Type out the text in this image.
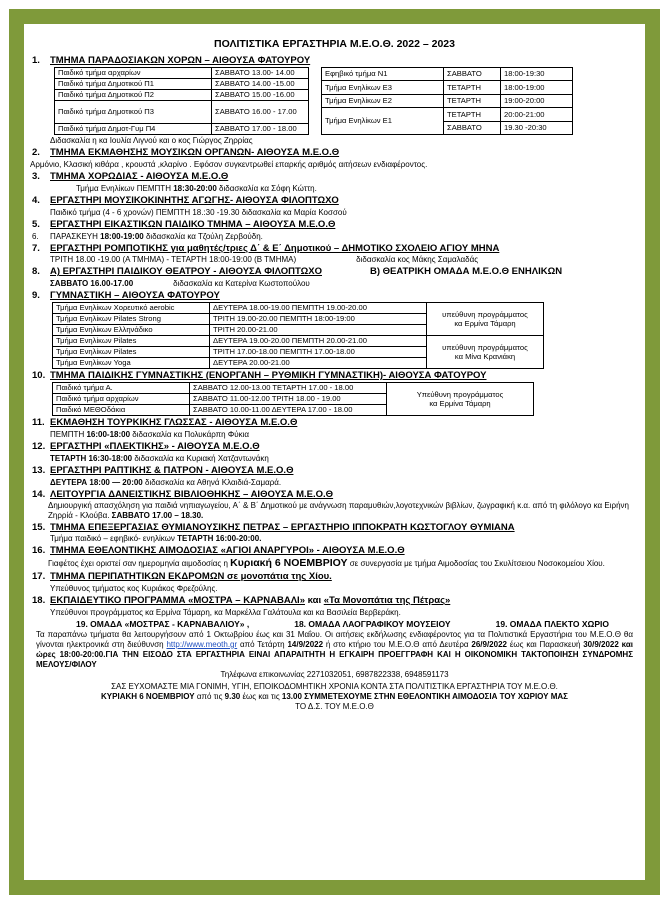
ΠΟΛΙΤΙΣΤΙΚΑ ΕΡΓΑΣΤΗΡΙΑ Μ.Ε.Ο.Θ. 2022 – 2023
1. ΤΜΗΜΑ ΠΑΡΑΔΟΣΙΑΚΩΝ ΧΟΡΩΝ – ΑΙΘΟΥΣΑ ΦΑΤΟΥΡΟΥ
Παιδικό τμήμα αρχαρίων	ΣΑΒΒΑΤΟ 13.00- 14.00
Παιδικό τμήμα Δημοτικού Π1	ΣΑΒΒΑΤΟ 14.00 -15.00
Παιδικό τμήμα Δημοτικού Π2	ΣΑΒΒΑΤΟ 15.00 -16.00
Παιδικό τμήμα Δημοτικού Π3	ΣΑΒΒΑΤΟ 16.00 - 17.00
Παιδικό τμήμα Δημοτ-Γυμ Π4	ΣΑΒΒΑΤΟ 17.00 - 18.00
Εφηβικό τμήμα Ν1	ΣΑΒΒΑΤΟ	18:00-19:30
Τμήμα Ενηλίκων Ε3	ΤΕΤΑΡΤΗ	18:00-19:00
Τμήμα Ενηλίκων Ε2	ΤΕΤΑΡΤΗ	19:00-20:00
Τμήμα Ενηλίκων Ε1	ΤΕΤΑΡΤΗ	20:00-21:00
	ΣΑΒΒΑΤΟ	19.30 -20:30
Διδασκαλία η κα Ιουλία Λιγνού και ο κος Γιώργος Ζηρρίας
2. ΤΜΗΜΑ ΕΚΜΑΘΗΣΗΣ ΜΟΥΣΙΚΩΝ ΟΡΓΑΝΩΝ- ΑΙΘΟΥΣΑ Μ.Ε.Ο.Θ
Αρμόνιο, Κλασική κιθάρα , κρουστά ,κλαρίνο . Εφόσον συγκεντρωθεί επαρκής αριθμός αιτήσεων ενδιαφέροντος.
3. ΤΜΗΜΑ ΧΟΡΩΔΙΑΣ - ΑΙΘΟΥΣΑ Μ.Ε.Ο.Θ
Τμήμα Ενηλίκων ΠΕΜΠΤΗ 18:30-20:00 διδασκαλία κα Σόφη Κώττη.
4. ΕΡΓΑΣΤΗΡΙ ΜΟΥΣΙΚΟΚΙΝΗΤΗΣ ΑΓΩΓΗΣ- ΑΙΘΟΥΣΑ ΦΙΛΟΠΤΩΧΟ
Παιδικό τμήμα (4 - 6 χρονών) ΠΕΜΠΤΗ 18.:30 -19.30 διδασκαλία κα Μαρία Κοσσού
5. ΕΡΓΑΣΤΗΡΙ ΕΙΚΑΣΤΙΚΩΝ ΠΑΙΔΙΚΟ ΤΜΗΜΑ – ΑΙΘΟΥΣΑ Μ.Ε.Ο.Θ
6. ΠΑΡΑΣΚΕΥΗ 18:00-19:00 διδασκαλία κα Τζούλη Ζερβούδη.
7. ΕΡΓΑΣΤΗΡΙ ΡΟΜΠΟΤΙΚΗΣ για μαθητές/τριες Δ΄ & Ε΄ Δημοτικού – ΔΗΜΟΤΙΚΟ ΣΧΟΛΕΙΟ ΑΓΙΟΥ ΜΗΝΑ
ΤΡΙΤΗ 18.00 -19.00 (Α ΤΜΗΜΑ) - ΤΕΤΑΡΤΗ 18:00-19:00 (Β ΤΜΗΜΑ)	διδασκαλία κος Μάκης Σαμαλαδάς
8. Α) ΕΡΓΑΣΤΗΡΙ ΠΑΙΔΙΚΟΥ ΘΕΑΤΡΟΥ - ΑΙΘΟΥΣΑ ΦΙΛΟΠΤΩΧΟ	Β) ΘΕΑΤΡΙΚΗ ΟΜΑΔΑ Μ.Ε.Ο.Θ ΕΝΗΛΙΚΩΝ
ΣΑΒΒΑΤΟ 16.00-17.00	διδασκαλία κα Κατερίνα Κωστοπούλου
9. ΓΥΜΝΑΣΤΙΚΗ – ΑΙΘΟΥΣΑ ΦΑΤΟΥΡΟΥ
Τμήμα Ενηλίκων Χορευτικό aerobic	ΔΕΥΤΕΡΑ 18.00-19.00 ΠΕΜΠΤΗ 19.00-20.00	υπεύθυνη προγράμματος
κα Ερμίνα Τάμαρη

Τμήμα Ενηλίκων Pilates Strong	ΤΡΙΤΗ 19.00-20.00 ΠΕΜΠΤΗ 18:00-19:00	
Τμήμα Ενηλίκων Ελληνάδικο	ΤΡΙΤΗ 20.00-21.00	
Τμήμα Ενηλίκων Pilates	ΔΕΥΤΕΡΑ 19.00-20.00 ΠΕΜΠΤΗ 20.00-21.00	υπεύθυνη προγράμματος
κα Μίνα Κρανιάκη

Τμήμα Ενηλίκων Pilates	ΤΡΙΤΗ 17.00-18.00 ΠΕΜΠΤΗ 17.00-18.00	
Τμήμα Ενηλίκων Yoga	ΔΕΥΤΕΡΑ 20.00-21.00	
10. ΤΜΗΜΑ ΠΑΙΔΙΚΗΣ ΓΥΜΝΑΣΤΙΚΗΣ (ΕΝΟΡΓΑΝΗ – ΡΥΘΜΙΚΗ ΓΥΜΝΑΣΤΙΚΗ)- ΑΙΘΟΥΣΑ ΦΑΤΟΥΡΟΥ
Παιδικό τμήμα Α.	ΣΑΒΒΑΤΟ 12.00-13.00 ΤΕΤΑΡΤΗ 17.00 - 18.00	Υπεύθυνη προγράμματος
κα Ερμίνα Τάμαρη

Παιδικό τμήμα αρχαρίων	ΣΑΒΒΑΤΟ 11.00-12.00 ΤΡΙΤΗ 18.00 - 19.00	
Παιδικό ΜΕΘΟδάκια	ΣΑΒΒΑΤΟ 10.00-11.00 ΔΕΥΤΕΡΑ 17.00 - 18.00	
11. ΕΚΜΑΘΗΣΗ ΤΟΥΡΚΙΚΗΣ ΓΛΩΣΣΑΣ - ΑΙΘΟΥΣΑ Μ.Ε.Ο.Θ
ΠΕΜΠΤΗ 16:00-18:00 διδασκαλία κα Πολυκάρπη Φύκια
12. ΕΡΓΑΣΤΗΡΙ «ΠΛΕΚΤΙΚΗΣ» - ΑΙΘΟΥΣΑ Μ.Ε.Ο.Θ
ΤΕΤΑΡΤΗ 16:30-18:00 διδασκαλία κα Κυριακή Χατζαντωνάκη
13. ΕΡΓΑΣΤΗΡΙ ΡΑΠΤΙΚΗΣ & ΠΑΤΡΟΝ - ΑΙΘΟΥΣΑ Μ.Ε.Ο.Θ
ΔΕΥΤΕΡΑ 18:00 — 20:00 διδασκαλία κα Αθηνά Κλαιδιά-Σαμαρά.
14. ΛΕΙΤΟΥΡΓΙΑ ΔΑΝΕΙΣΤΙΚΗΣ ΒΙΒΛΙΟΘΗΚΗΣ – ΑΙΘΟΥΣΑ Μ.Ε.Ο.Θ
Δημιουργική απασχόληση για παιδιά νηπιαγωγείου, Α΄ & Β΄ Δημοτικού με ανάγνωση παραμυθιών,λογοτεχνικών βιβλίων, ζωγραφική κ.α. από τη φιλόλογο κα Ειρήνη Ζηρρίά - Κλούβα. ΣΑΒΒΑΤΟ 17.00 – 18.30.
15. ΤΜΗΜΑ ΕΠΕΞΕΡΓΑΣΙΑΣ ΘΥΜΙΑΝΟΥΣΙΚΗΣ ΠΕΤΡΑΣ – ΕΡΓΑΣΤΗΡΙΟ ΙΠΠΟΚΡΑΤΗ ΚΩΣΤΟΓΛΟΥ ΘΥΜΙΑΝΑ
Τμήμα παιδικό – εφηβικό- ενηλίκων ΤΕΤΑΡΤΗ 16:00-20:00.
16. ΤΜΗΜΑ ΕΘΕΛΟΝΤΙΚΗΣ ΑΙΜΟΔΟΣΙΑΣ «ΑΓΙΟΙ ΑΝΑΡΓΥΡΟΙ» - ΑΙΘΟΥΣΑ Μ.Ε.Ο.Θ
Γιαφέτος έχει οριστεί σαν ημερομηνία αιμοδοσίας η Κυριακή 6 ΝΟΕΜΒΡΙΟΥ σε συνεργασία με τμήμα Αιμοδοσίας του Σκυλίτσειου Νοσοκομείου Χίου.
17. ΤΜΗΜΑ ΠΕΡΙΠΑΤΗΤΙΚΩΝ ΕΚΔΡΟΜΩΝ σε μονοπάτια της Χίου.
Υπεύθυνος τμήματος κος Κυριάκος Φρεζούλης.
18. ΕΚΠΑΙΔΕΥΤΙΚΟ ΠΡΟΓΡΑΜΜΑ «ΜΟΣΤΡΑ – ΚΑΡΝΑΒΑΛΙ» και «Τα Μονοπάτια της Πέτρας»
Υπεύθυνοι προγράμματος κα Ερμίνα Τάμαρη, κα Μαρκέλλα Γαλάτουλα και κα Βασιλεία Βερβεράκη.
19. ΟΜΑΔΑ «ΜΟΣΤΡΑΣ - ΚΑΡΝΑΒΑΛΙΟΥ» ,	18. ΟΜΑΔΑ ΛΑΟΓΡΑΦΙΚΟΥ ΜΟΥΣΕΙΟΥ	19. ΟΜΑΔΑ ΠΛΕΚΤΟ ΧΩΡΙΟ
Τα παραπάνω τμήματα θα λειτουργήσουν από 1 Οκτωβρίου έως και 31 Μαΐου. Οι αιτήσεις εκδήλωσης ενδιαφέροντος για τα Πολιτιστικά Εργαστήρια του Μ.Ε.Ο.Θ θα γίνονται ηλεκτρονικά στη διεύθυνση http://www.meoth.gr από Τετάρτη 14/9/2022 ή στο κτήριο του Μ.Ε.Ο.Θ από Δευτέρα 26/9/2022 έως και Παρασκευή 30/9/2022 και ώρες 18:00-20:00.ΓΙΑ ΤΗΝ ΕΙΣΟΔΟ ΣΤΑ ΕΡΓΑΣΤΗΡΙΑ ΕΙΝΑΙ ΑΠΑΡΑΙΤΗΤΗ Η ΕΓΚΑΙΡΗ ΠΡΟΕΓΓΡΑΦΗ ΚΑΙ Η ΟΙΚΟΝΟΜΙΚΗ ΤΑΚΤΟΠΟΙΗΣΗ ΣΥΝΔΡΟΜΗΣ ΜΕΛΟΥΣ/ΦΙΛΟΥ
Τηλέφωνα επικοινωνίας 2271032051, 6987822338, 6948591173
ΣΑΣ ΕΥΧΟΜΑΣΤΕ ΜΙΑ ΓΟΝΙΜΗ, ΥΓΙΗ, ΕΠΟΙΚΟΔΟΜΗΤΙΚΗ ΧΡΟΝΙΑ ΚΟΝΤΑ ΣΤΑ ΠΟΛΙΤΙΣΤΙΚΑ ΕΡΓΑΣΤΗΡΙΑ ΤΟΥ Μ.Ε.Ο.Θ.
ΚΥΡΙΑΚΗ 6 ΝΟΕΜΒΡΙΟΥ από τις 9.30 έως και τις 13.00 ΣΥΜΜΕΤΕΧΟΥΜΕ ΣΤΗΝ ΕΘΕΛΟΝΤΙΚΗ ΑΙΜΟΔΟΣΙΑ ΤΟΥ ΧΩΡΙΟΥ ΜΑΣ
ΤΟ Δ.Σ. ΤΟΥ Μ.Ε.Ο.Θ
